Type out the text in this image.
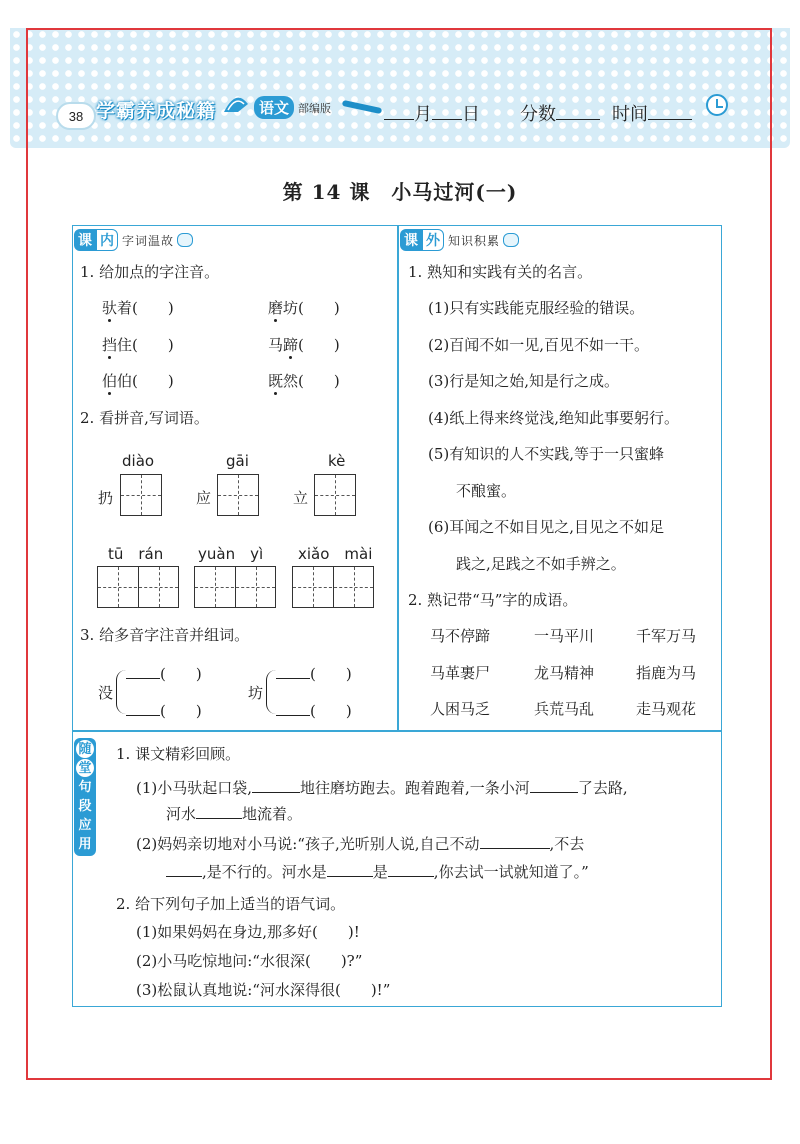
38 学霸养成秘籍	语文 部编版	月 日 分数	时间
第 14 课　小马过河(一)
课 内 字词温故
1. 给加点的字注音。
驮着(　　)	磨坊(　　)
挡住(　　)	马蹄(　　)
伯伯(　　)	既然(　　)
2. 看拼音,写词语。
diào
扔
gāi
应
kè
立
tū　rán yuàn　yì xiǎo　mài
3. 给多音字注音并组词。
没
(　　)
(　　)
坊
(　　)
(　　)
课 外 知识积累
1. 熟知和实践有关的名言。
(1)只有实践能克服经验的错误。
(2)百闻不如一见,百见不如一干。
(3)行是知之始,知是行之成。
(4)纸上得来终觉浅,绝知此事要躬行。
(5)有知识的人不实践,等于一只蜜蜂
不酿蜜。
(6)耳闻之不如目见之,目见之不如足
践之,足践之不如手辨之。
2. 熟记带“马”字的成语。
马不停蹄	一马平川	千军万马
马革裹尸	龙马精神	指鹿为马
人困马乏	兵荒马乱	走马观花
随
堂
句
段
应
用
1. 课文精彩回顾。
(1)小马驮起口袋,	地往磨坊跑去。跑着跑着,一条小河	了去路,
河水	地流着。
(2)妈妈亲切地对小马说:“孩子,光听别人说,自己不动	,不去
,是不行的。河水是	是	,你去试一试就知道了。”
2. 给下列句子加上适当的语气词。
(1)如果妈妈在身边,那多好(　　)!
(2)小马吃惊地问:“水很深(　　)?”
(3)松鼠认真地说:“河水深得很(　　)!”
